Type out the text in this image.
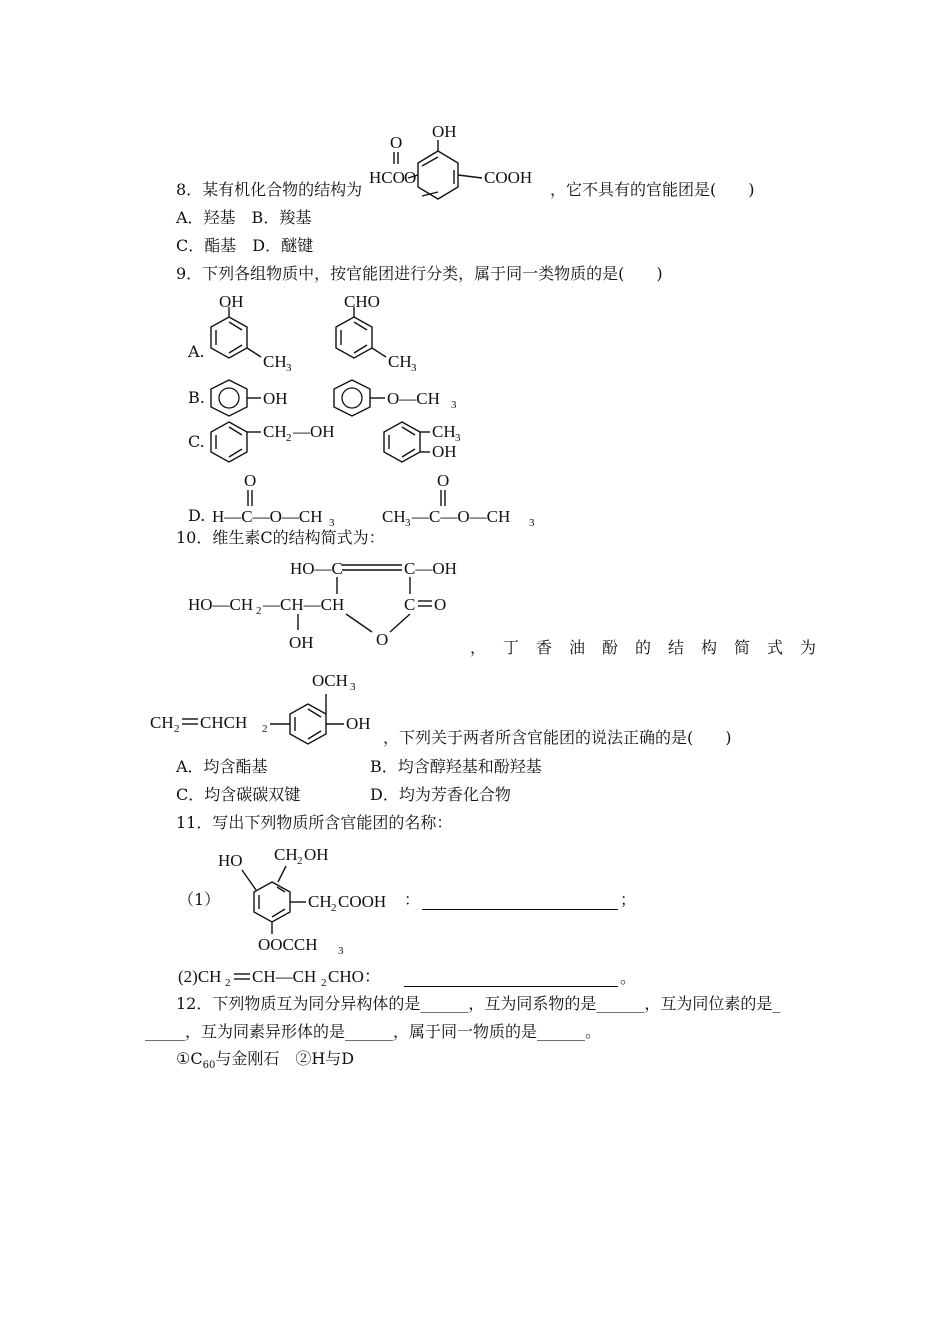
8．某有机化合物的结构为
O
HCO O
OH
COOH
，它不具有的官能团是(　　)
A．羟基　B．羧基
C．酯基　D．醚键
9．下列各组物质中，按官能团进行分类，属于同一类物质的是(　　)
A.
OH
CH 3
CHO
CH 3
B.	OH	O—CH 3
C.
CH 2 —OH	CH 3
OH
D.
O
H—C—O—CH 3
O
CH 3 —C—O—CH 3
10．维生素C的结构简式为：
HO—C	C—OH
HO—CH 2 —CH—CH	C O
OH	O	，丁香油酚的结构简式为
CH 2 CHCH 2
OCH 3
OH
，下列关于两者所含官能团的说法正确的是(　　)
A．均含酯基	B．均含醇羟基和酚羟基
C．均含碳碳双键	D．均为芳香化合物
11．写出下列物质所含官能团的名称：
（1）
HO CH 2 OH
CH 2 COOH
OOCCH 3
：	；
(2)CH 2 CH—CH 2 CHO：	。
12．下列物质互为同分异构体的是______，互为同系物的是______，互为同位素的是_
_____，互为同素异形体的是______，属于同一物质的是______。
$①C_{60}$与金刚石　②H与D
